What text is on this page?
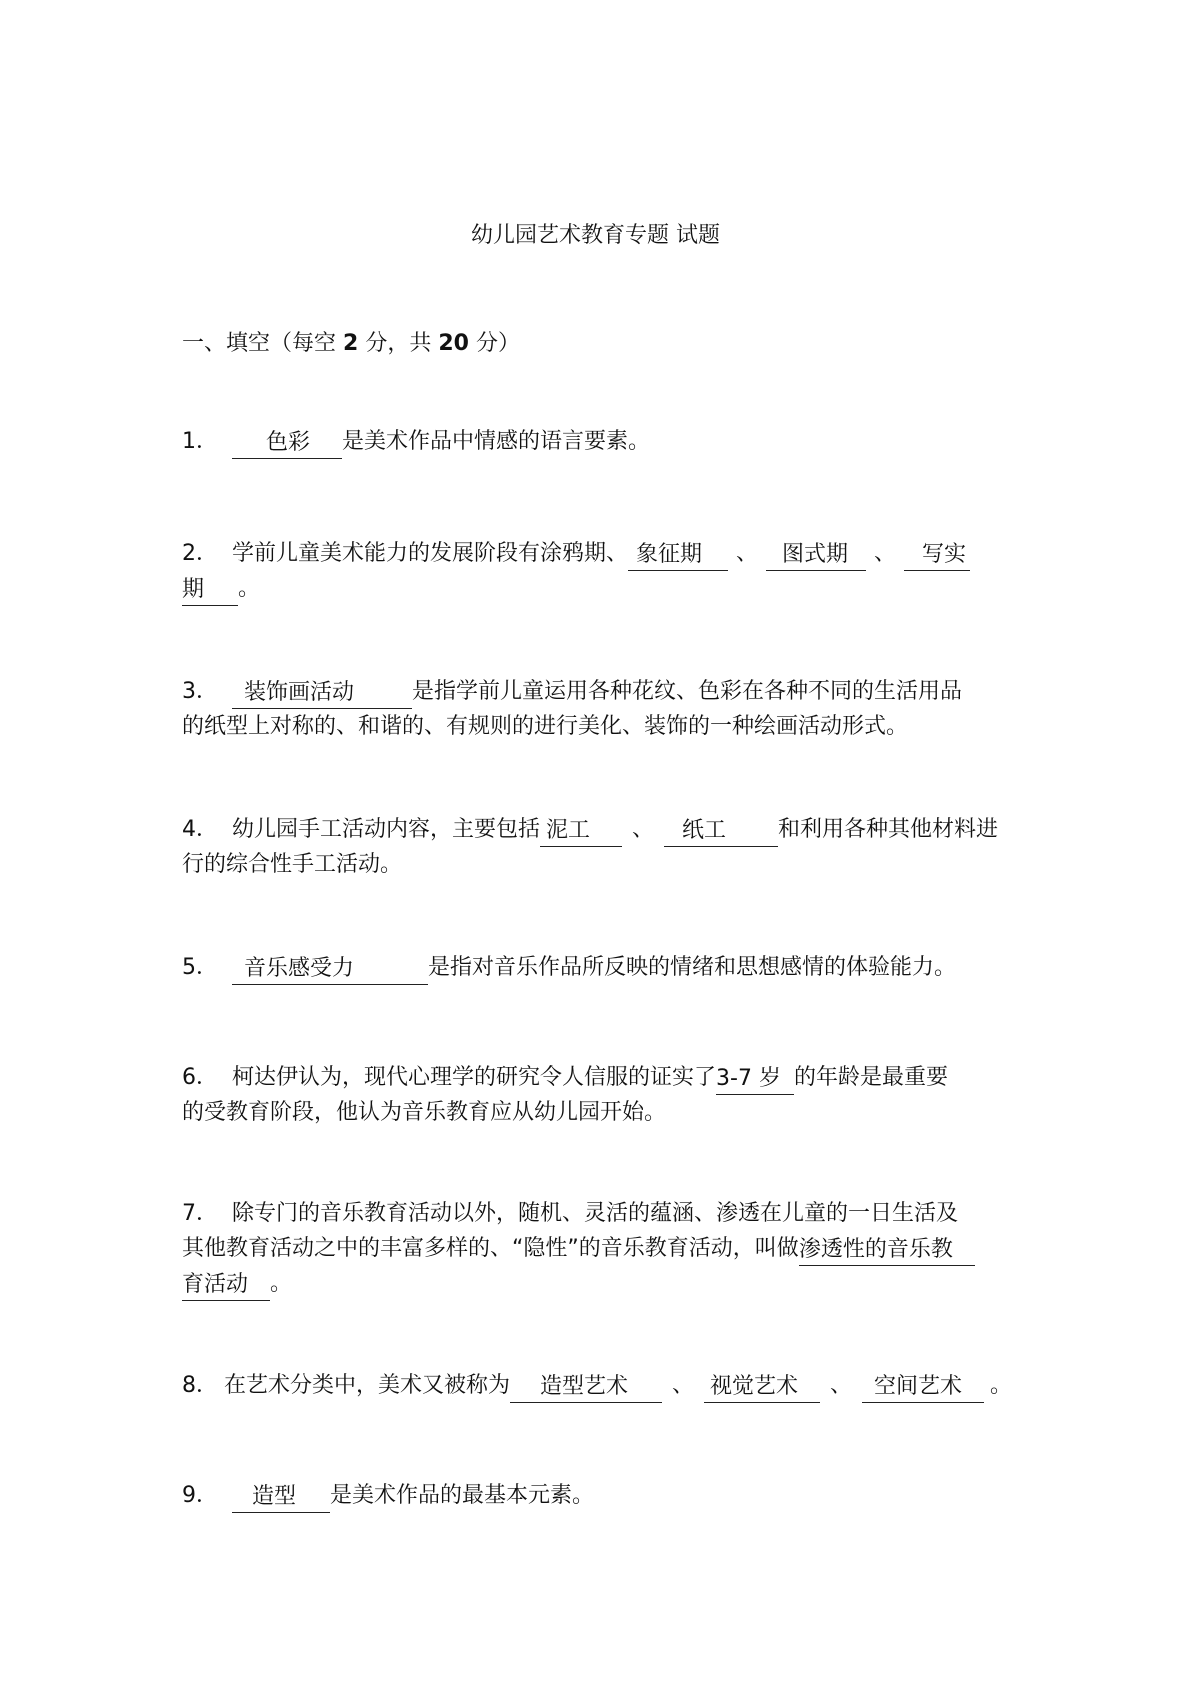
幼儿园艺术教育专题 试题
一、填空（每空 2 分，共 20 分）
1． 色彩 是美术作品中情感的语言要素。
2． 学前儿童美术能力的发展阶段有涂鸦期、 象征期 、 图式期 、 写实
期 。
3． 装饰画活动	是指学前儿童运用各种花纹、色彩在各种不同的生活用品
的纸型上对称的、和谐的、有规则的进行美化、装饰的一种绘画活动形式。
4． 幼儿园手工活动内容，主要包括 泥工 、 纸工 和利用各种其他材料进
行的综合性手工活动。
5． 音乐感受力	是指对音乐作品所反映的情绪和思想感情的体验能力。
6． 柯达伊认为，现代心理学的研究令人信服的证实了3-7 岁 的年龄是最重要
的受教育阶段，他认为音乐教育应从幼儿园开始。
7． 除专门的音乐教育活动以外，随机、灵活的蕴涵、渗透在儿童的一日生活及
其他教育活动之中的丰富多样的、“隐性”的音乐教育活动，叫做渗透性的音乐教
育活动 。
8． 在艺术分类中，美术又被称为 造型艺术 、 视觉艺术 、 空间艺术 。
9． 造型 是美术作品的最基本元素。
